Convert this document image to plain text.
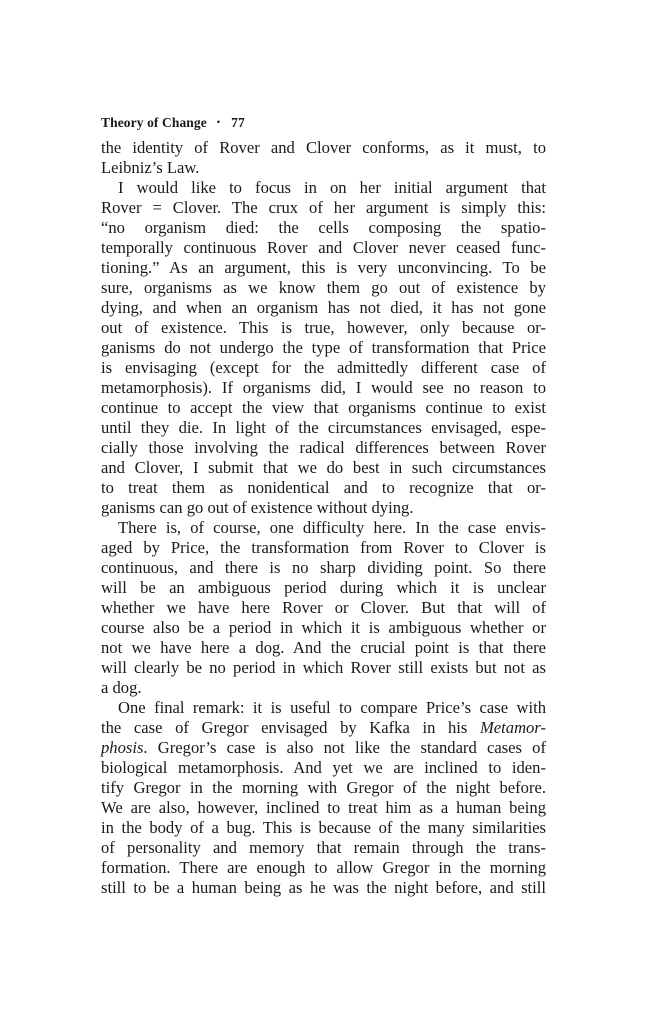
Theory of Change • 77
the identity of Rover and Clover conforms, as it must, to
Leibniz’s Law.
I would like to focus in on her initial argument that
Rover = Clover. The crux of her argument is simply this:
“no organism died: the cells composing the spatio-
temporally continuous Rover and Clover never ceased func-
tioning.” As an argument, this is very unconvincing. To be
sure, organisms as we know them go out of existence by
dying, and when an organism has not died, it has not gone
out of existence. This is true, however, only because or-
ganisms do not undergo the type of transformation that Price
is envisaging (except for the admittedly different case of
metamorphosis). If organisms did, I would see no reason to
continue to accept the view that organisms continue to exist
until they die. In light of the circumstances envisaged, espe-
cially those involving the radical differences between Rover
and Clover, I submit that we do best in such circumstances
to treat them as nonidentical and to recognize that or-
ganisms can go out of existence without dying.
There is, of course, one difficulty here. In the case envis-
aged by Price, the transformation from Rover to Clover is
continuous, and there is no sharp dividing point. So there
will be an ambiguous period during which it is unclear
whether we have here Rover or Clover. But that will of
course also be a period in which it is ambiguous whether or
not we have here a dog. And the crucial point is that there
will clearly be no period in which Rover still exists but not as
a dog.
One final remark: it is useful to compare Price’s case with
the case of Gregor envisaged by Kafka in his Metamor-
phosis. Gregor’s case is also not like the standard cases of
biological metamorphosis. And yet we are inclined to iden-
tify Gregor in the morning with Gregor of the night before.
We are also, however, inclined to treat him as a human being
in the body of a bug. This is because of the many similarities
of personality and memory that remain through the trans-
formation. There are enough to allow Gregor in the morning
still to be a human being as he was the night before, and still
